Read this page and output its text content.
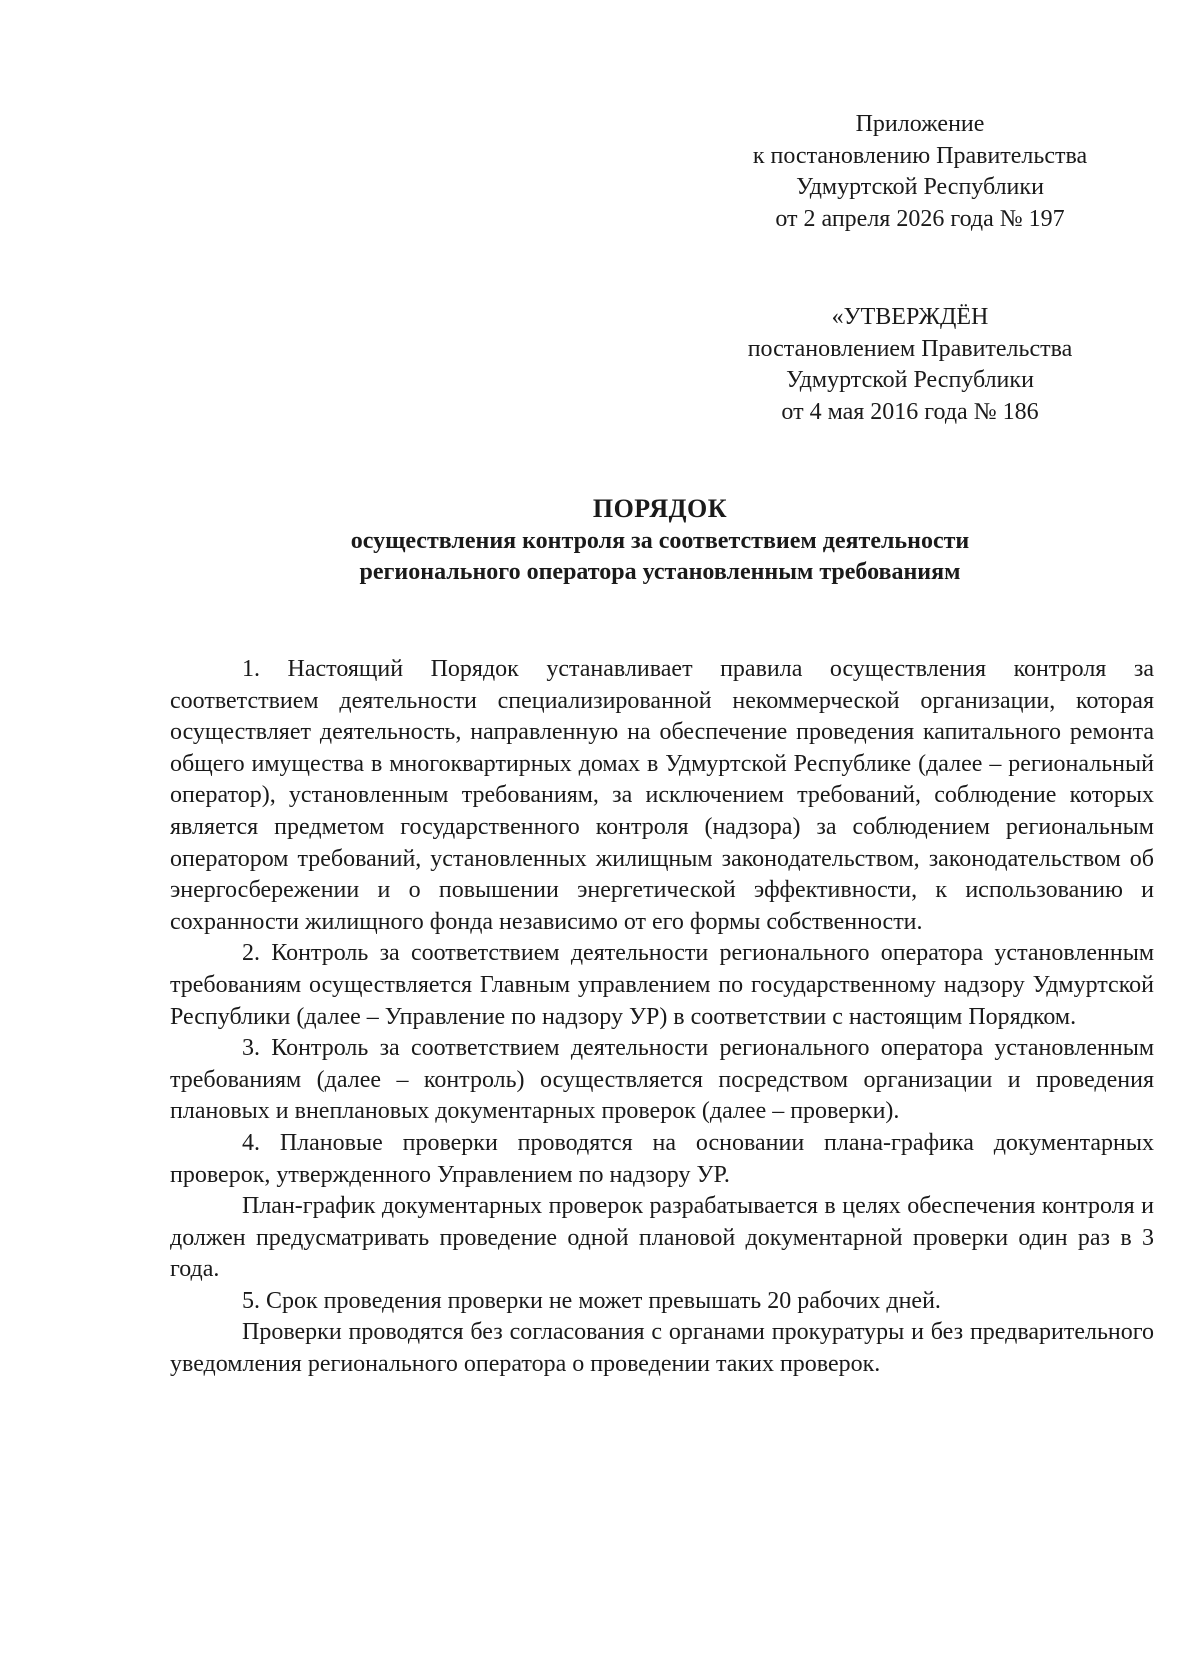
Приложение
к постановлению Правительства
Удмуртской Республики
от 2 апреля 2026 года № 197
«УТВЕРЖДЁН
постановлением Правительства
Удмуртской Республики
от 4 мая 2016 года № 186
ПОРЯДОК
осуществления контроля за соответствием деятельности
регионального оператора установленным требованиям

1. Настоящий Порядок устанавливает правила осуществления контроля за соответствием деятельности специализированной некоммерческой организации, которая осуществляет деятельность, направленную на обеспечение проведения капитального ремонта общего имущества в многоквартирных домах в Удмуртской Республике (далее – региональный оператор), установленным требованиям, за исключением требований, соблюдение которых является предметом государственного контроля (надзора) за соблюдением региональным оператором требований, установленных жилищным законодательством, законодательством об энергосбережении и о повышении энергетической эффективности, к использованию и сохранности жилищного фонда независимо от его формы собственности.

2. Контроль за соответствием деятельности регионального оператора установленным требованиям осуществляется Главным управлением по государственному надзору Удмуртской Республики (далее – Управление по надзору УР) в соответствии с настоящим Порядком.

3. Контроль за соответствием деятельности регионального оператора установленным требованиям (далее – контроль) осуществляется посредством организации и проведения плановых и внеплановых документарных проверок (далее – проверки).

4. Плановые проверки проводятся на основании плана-графика документарных проверок, утвержденного Управлением по надзору УР.

План-график документарных проверок разрабатывается в целях обеспечения контроля и должен предусматривать проведение одной плановой документарной проверки один раз в 3 года.

5. Срок проведения проверки не может превышать 20 рабочих дней.

Проверки проводятся без согласования с органами прокуратуры и без предварительного уведомления регионального оператора о проведении таких проверок.
